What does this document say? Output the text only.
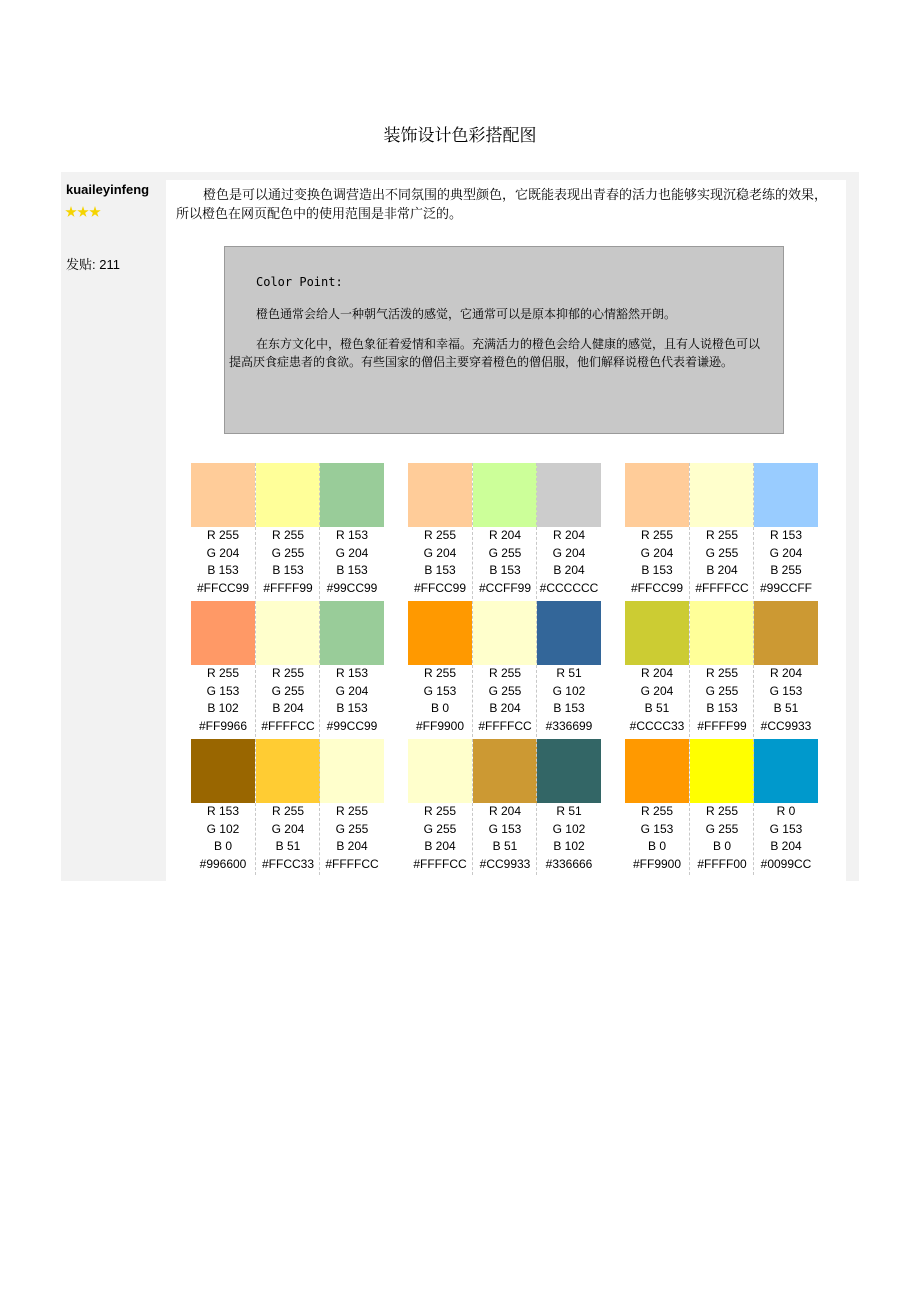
装饰设计色彩搭配图
kuaileyinfeng
发贴: 211

橙色是可以通过变换色调营造出不同氛围的典型颜色，它既能表现出青春的活力也能够实现沉稳老练的效果，所以橙色在网页配色中的使用范围是非常广泛的。

Color Point:

橙色通常会给人一种朝气活泼的感觉，它通常可以是原本抑郁的心情豁然开朗。

在东方文化中，橙色象征着爱情和幸福。充满活力的橙色会给人健康的感觉，且有人说橙色可以提高厌食症患者的食欲。有些国家的僧侣主要穿着橙色的僧侣服，他们解释说橙色代表着谦逊。

R 255
G 204
B 153
#FFCC99
R 255
G 255
B 153
#FFFF99
R 153
G 204
B 153
#99CC99
R 255
G 204
B 153
#FFCC99
R 204
G 255
B 153
#CCFF99
R 204
G 204
B 204
#CCCCCC
R 255
G 204
B 153
#FFCC99
R 255
G 255
B 204
#FFFFCC
R 153
G 204
B 255
#99CCFF
R 255
G 153
B 102
#FF9966
R 255
G 255
B 204
#FFFFCC
R 153
G 204
B 153
#99CC99
R 255
G 153
B 0
#FF9900
R 255
G 255
B 204
#FFFFCC
R 51
G 102
B 153
#336699
R 204
G 204
B 51
#CCCC33
R 255
G 255
B 153
#FFFF99
R 204
G 153
B 51
#CC9933
R 153
G 102
B 0
#996600
R 255
G 204
B 51
#FFCC33
R 255
G 255
B 204
#FFFFCC
R 255
G 255
B 204
#FFFFCC
R 204
G 153
B 51
#CC9933
R 51
G 102
B 102
#336666
R 255
G 153
B 0
#FF9900
R 255
G 255
B 0
#FFFF00
R 0
G 153
B 204
#0099CC
